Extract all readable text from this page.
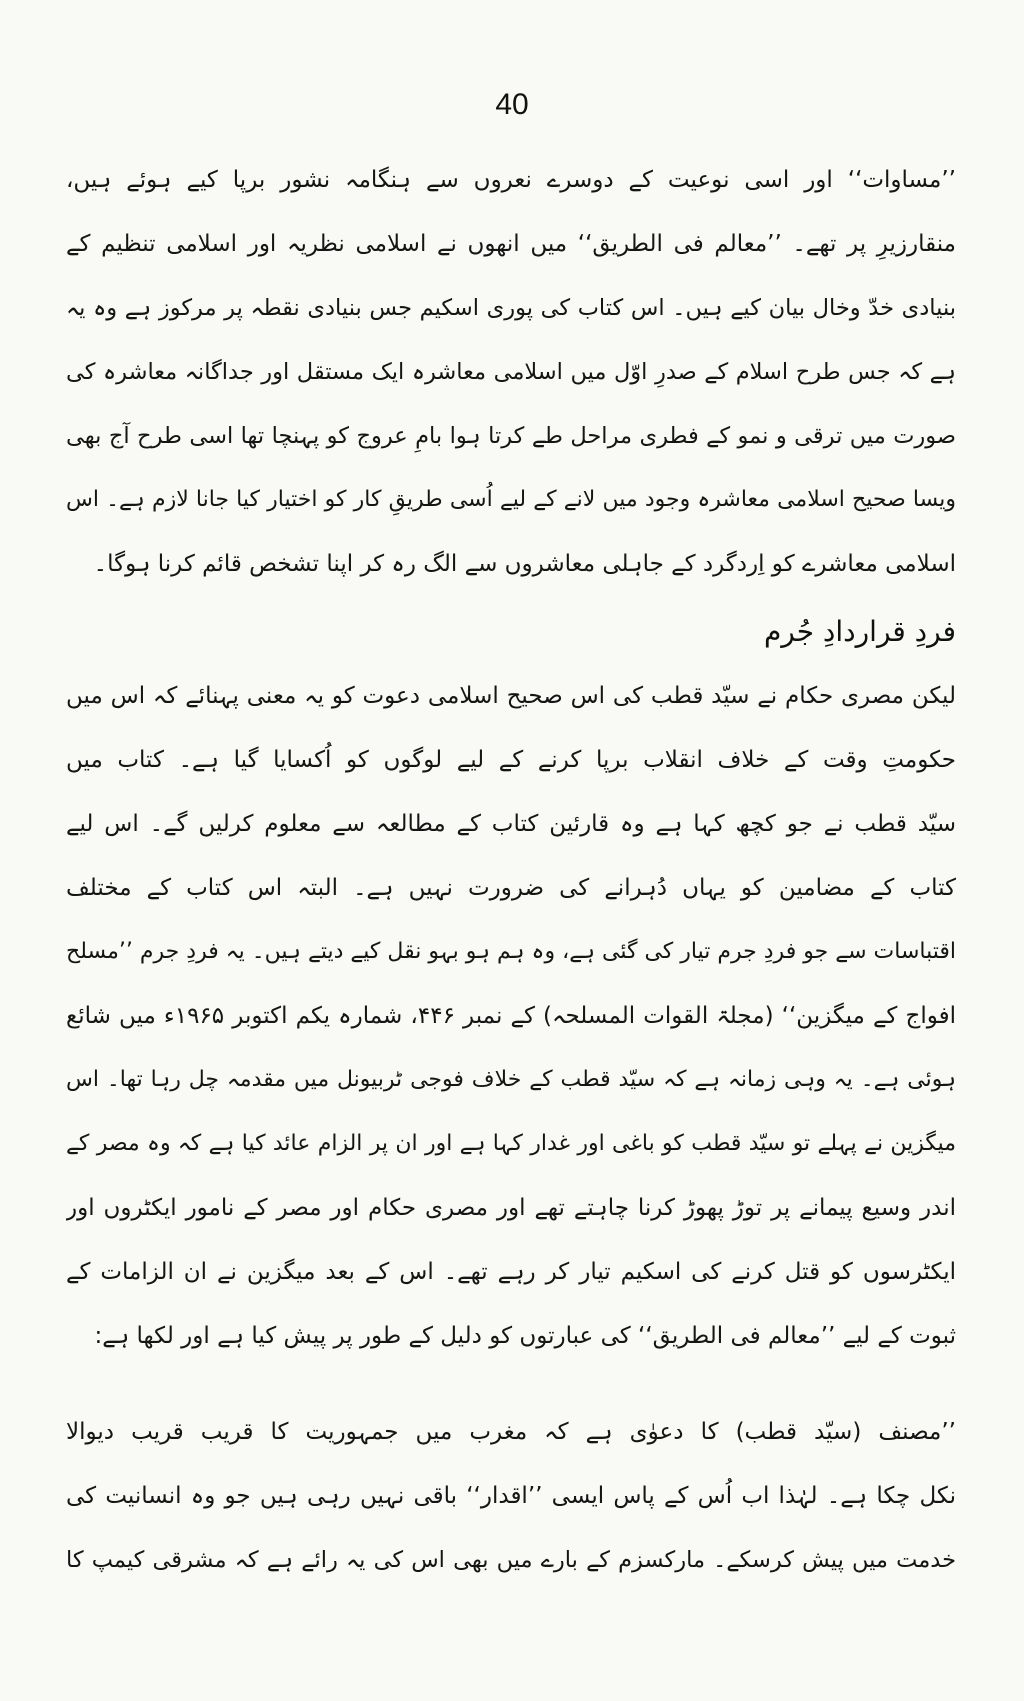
40
’’مساوات‘‘ اور اسی نوعیت کے دوسرے نعروں سے ہنگامہ نشور برپا کیے ہوئے ہیں،
منقارزیرِ پر تھے۔ ’’معالم فی الطریق‘‘ میں انھوں نے اسلامی نظریہ اور اسلامی تنظیم کے
بنیادی خدّ وخال بیان کیے ہیں۔ اس کتاب کی پوری اسکیم جس بنیادی نقطہ پر مرکوز ہے وہ یہ
ہے کہ جس طرح اسلام کے صدرِ اوّل میں اسلامی معاشرہ ایک مستقل اور جداگانہ معاشرہ کی
صورت میں ترقی و نمو کے فطری مراحل طے کرتا ہوا بامِ عروج کو پہنچا تھا اسی طرح آج بھی
ویسا صحیح اسلامی معاشرہ وجود میں لانے کے لیے اُسی طریقِ کار کو اختیار کیا جانا لازم ہے۔ اس
اسلامی معاشرے کو اِردگرد کے جاہلی معاشروں سے الگ رہ کر اپنا تشخص قائم کرنا ہوگا۔
فردِ قراردادِ جُرم
لیکن مصری حکام نے سیّد قطب کی اس صحیح اسلامی دعوت کو یہ معنی پہنائے کہ اس میں
حکومتِ وقت کے خلاف انقلاب برپا کرنے کے لیے لوگوں کو اُکسایا گیا ہے۔ کتاب میں
سیّد قطب نے جو کچھ کہا ہے وہ قارئین کتاب کے مطالعہ سے معلوم کرلیں گے۔ اس لیے
کتاب کے مضامین کو یہاں دُہرانے کی ضرورت نہیں ہے۔ البتہ اس کتاب کے مختلف
اقتباسات سے جو فردِ جرم تیار کی گئی ہے، وہ ہم ہو بہو نقل کیے دیتے ہیں۔ یہ فردِ جرم ’’مسلح
افواج کے میگزین‘‘ (مجلۃ القوات المسلحہ) کے نمبر ۴۴۶، شمارہ یکم اکتوبر ۱۹۶۵ء میں شائع
ہوئی ہے۔ یہ وہی زمانہ ہے کہ سیّد قطب کے خلاف فوجی ٹربیونل میں مقدمہ چل رہا تھا۔ اس
میگزین نے پہلے تو سیّد قطب کو باغی اور غدار کہا ہے اور ان پر الزام عائد کیا ہے کہ وہ مصر کے
اندر وسیع پیمانے پر توڑ پھوڑ کرنا چاہتے تھے اور مصری حکام اور مصر کے نامور ایکٹروں اور
ایکٹرسوں کو قتل کرنے کی اسکیم تیار کر رہے تھے۔ اس کے بعد میگزین نے ان الزامات کے
ثبوت کے لیے ’’معالم فی الطریق‘‘ کی عبارتوں کو دلیل کے طور پر پیش کیا ہے اور لکھا ہے:
’’مصنف (سیّد قطب) کا دعوٰی ہے کہ مغرب میں جمہوریت کا قریب قریب دیوالا
نکل چکا ہے۔ لہٰذا اب اُس کے پاس ایسی ’’اقدار‘‘ باقی نہیں رہی ہیں جو وہ انسانیت کی
خدمت میں پیش کرسکے۔ مارکسزم کے بارے میں بھی اس کی یہ رائے ہے کہ مشرقی کیمپ کا
